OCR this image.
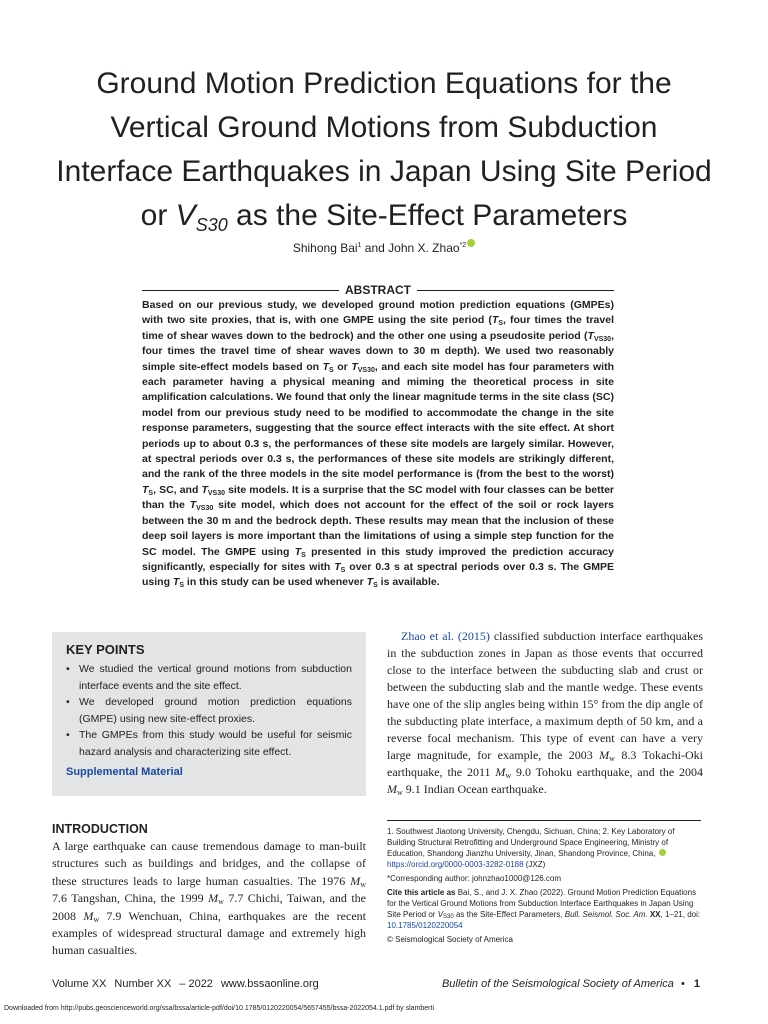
Ground Motion Prediction Equations for the
Vertical Ground Motions from Subduction
Interface Earthquakes in Japan Using Site Period
or $V_{S30}$ as the Site-Effect Parameters
Shihong Bai$^1$ and John X. Zhao$^{*2}$
ABSTRACT
Based on our previous study, we developed ground motion prediction equations (GMPEs) with two site proxies, that is, with one GMPE using the site period ($T_S$, four times the travel time of shear waves down to the bedrock) and the other one using a pseudosite period ($T_{VS30}$, four times the travel time of shear waves down to 30 m depth). We used two reasonably simple site-effect models based on $T_S$ or $T_{VS30}$, and each site model has four parameters with each parameter having a physical meaning and miming the theoretical process in site amplification calculations. We found that only the linear magnitude terms in the site class (SC) model from our previous study need to be modified to accommodate the change in the site response parameters, suggesting that the source effect interacts with the site effect. At short periods up to about 0.3 s, the performances of these site models are largely similar. However, at spectral periods over 0.3 s, the performances of these site models are strikingly different, and the rank of the three models in the site model performance is (from the best to the worst) $T_S$, SC, and $T_{VS30}$ site models. It is a surprise that the SC model with four classes can be better than the $T_{VS30}$ site model, which does not account for the effect of the soil or rock layers between the 30 m and the bedrock depth. These results may mean that the inclusion of these deep soil layers is more important than the limitations of using a simple step function for the SC model. The GMPE using $T_S$ presented in this study improved the prediction accuracy significantly, especially for sites with $T_S$ over 0.3 s at spectral periods over 0.3 s. The GMPE using $T_S$ in this study can be used whenever $T_S$ is available.
KEY POINTS
• We studied the vertical ground motions from subduction interface events and the site effect.
• We developed ground motion prediction equations (GMPE) using new site-effect proxies.
• The GMPEs from this study would be useful for seismic hazard analysis and characterizing site effect.
Supplemental Material
Zhao et al. (2015) classified subduction interface earthquakes in the subduction zones in Japan as those events that occurred close to the interface between the subducting slab and crust or between the subducting slab and the mantle wedge. These events have one of the slip angles being within 15° from the dip angle of the subducting plate interface, a maximum depth of 50 km, and a reverse focal mechanism. This type of event can have a very large magnitude, for example, the 2003 $M_w$ 8.3 Tokachi-Oki earthquake, the 2011 $M_w$ 9.0 Tohoku earthquake, and the 2004 $M_w$ 9.1 Indian Ocean earthquake.
INTRODUCTION
A large earthquake can cause tremendous damage to man-built structures such as buildings and bridges, and the collapse of these structures leads to large human casualties. The 1976 $M_w$ 7.6 Tangshan, China, the 1999 $M_w$ 7.7 Chichi, Taiwan, and the 2008 $M_w$ 7.9 Wenchuan, China, earthquakes are the recent examples of widespread structural damage and extremely high human casualties.

1. Southwest Jiaotong University, Chengdu, Sichuan, China; 2. Key Laboratory of Building Structural Retrofitting and Underground Space Engineering, Ministry of Education, Shandong Jianzhu University, Jinan, Shandong Province, China, https://orcid.org/0000-0003-3282-0188 (JXZ)

*Corresponding author: johnzhao1000@126.com

Cite this article as Bai, S., and J. X. Zhao (2022). Ground Motion Prediction Equations for the Vertical Ground Motions from Subduction Interface Earthquakes in Japan Using Site Period or $V_{S30}$ as the Site-Effect Parameters, Bull. Seismol. Soc. Am. XX, 1–21, doi: 10.1785/0120220054

© Seismological Society of America

Volume XX Number XX – 2022 www.bssaonline.org	Bulletin of the Seismological Society of America • 1
Downloaded from http://pubs.geoscienceworld.org/ssa/bssa/article-pdf/doi/10.1785/0120220054/5657455/bssa-2022054.1.pdf by slamberti
